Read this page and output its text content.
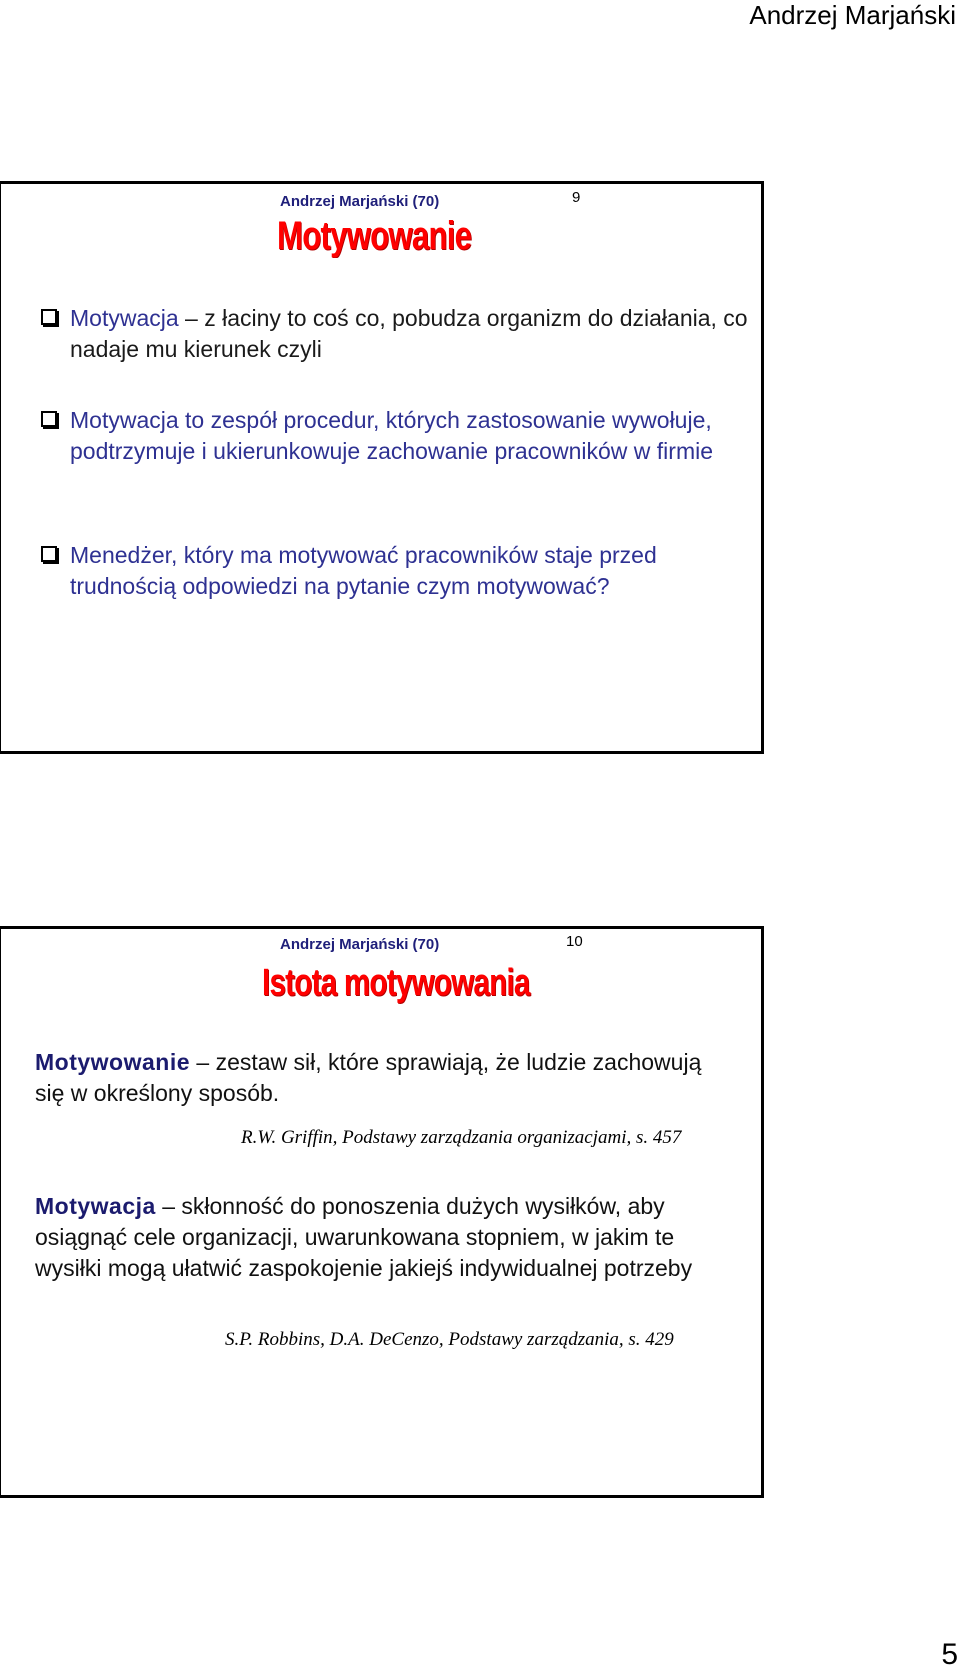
Andrzej Marjański
Andrzej Marjański (70)	9
Motywowanie
Motywacja – z łaciny to coś co, pobudza organizm do działania, co nadaje mu kierunek czyli
Motywacja to zespół procedur, których zastosowanie wywołuje, podtrzymuje i ukierunkowuje zachowanie pracowników w firmie
Menedżer, który ma motywować pracowników staje przed trudnością odpowiedzi na pytanie czym motywować?
Andrzej Marjański (70)	10
Istota motywowania
Motywowanie – zestaw sił, które sprawiają, że ludzie zachowują się w określony sposób.
R.W. Griffin, Podstawy zarządzania organizacjami, s. 457
Motywacja – skłonność do ponoszenia dużych wysiłków, aby osiągnąć cele organizacji, uwarunkowana stopniem, w jakim te wysiłki mogą ułatwić zaspokojenie jakiejś indywidualnej potrzeby
S.P. Robbins, D.A. DeCenzo, Podstawy zarządzania, s. 429
5
